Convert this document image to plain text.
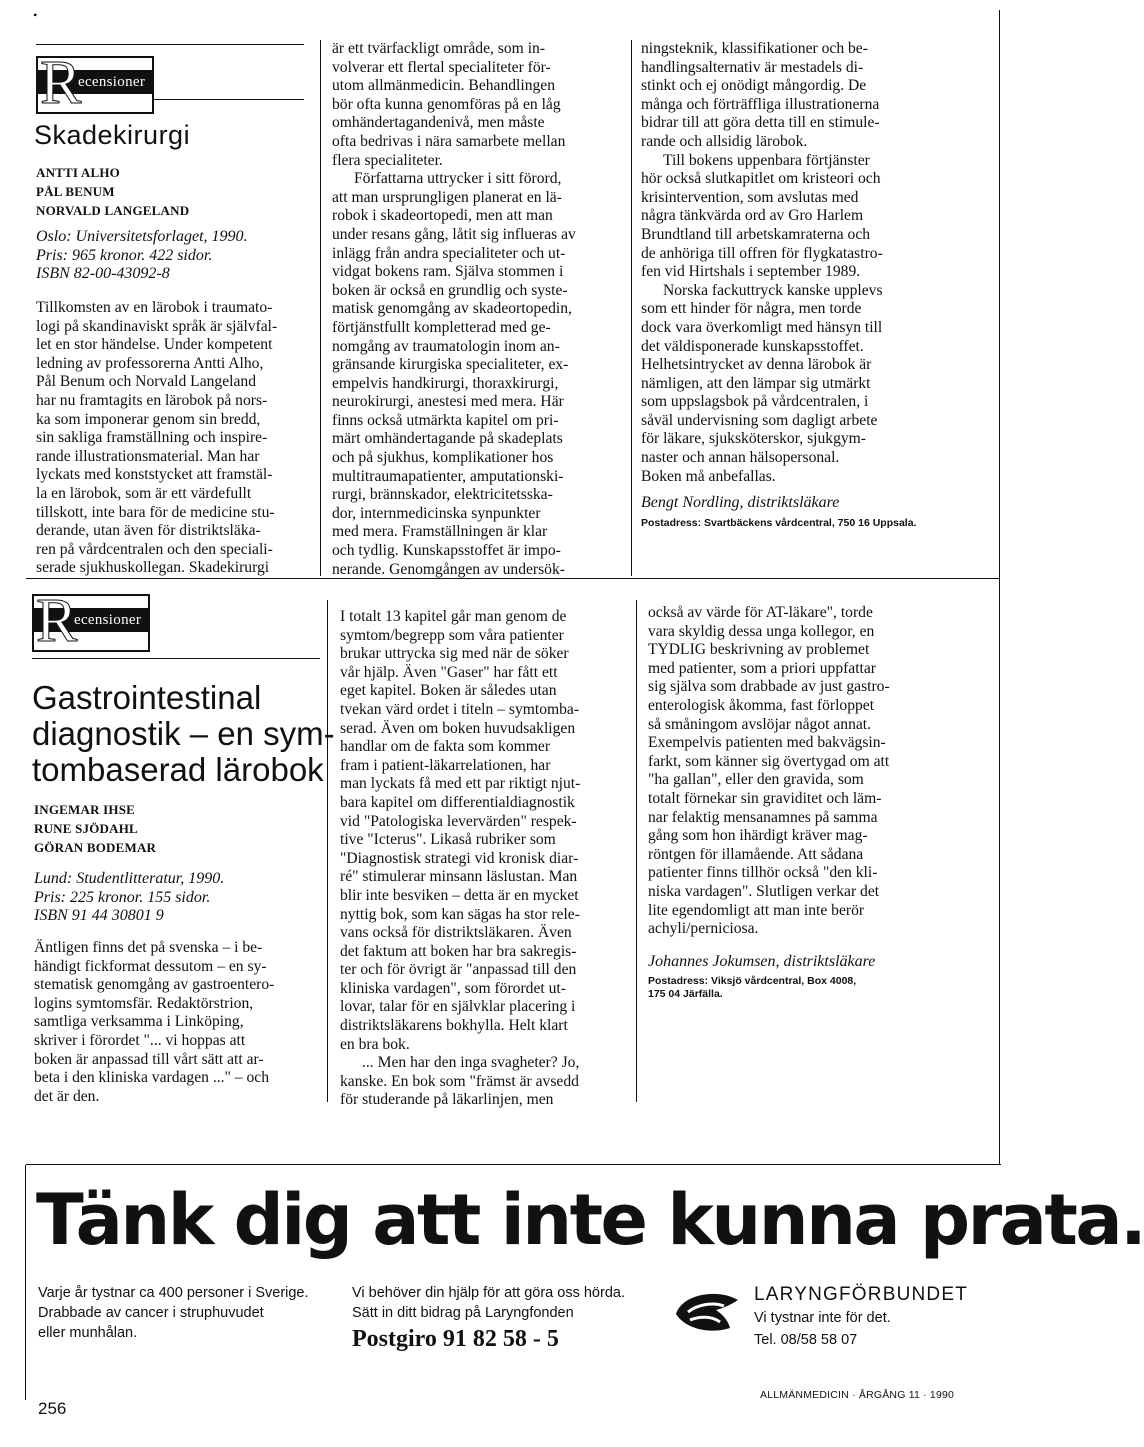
•
R
ecensioner
Skadekirurgi
ANTTI ALHO
PÅL BENUM
NORVALD LANGELAND
Oslo: Universitetsforlaget, 1990.
Pris: 965 kronor. 422 sidor.
ISBN 82-00-43092-8
Tillkomsten av en lärobok i traumato-
logi på skandinaviskt språk är självfal-
let en stor händelse. Under kompetent
ledning av professorerna Antti Alho,
Pål Benum och Norvald Langeland
har nu framtagits en lärobok på nors-
ka som imponerar genom sin bredd,
sin sakliga framställning och inspire-
rande illustrationsmaterial. Man har
lyckats med konststycket att framstäl-
la en lärobok, som är ett värdefullt
tillskott, inte bara för de medicine stu-
derande, utan även för distriktsläka-
ren på vårdcentralen och den speciali-
serade sjukhuskollegan. Skadekirurgi
är ett tvärfackligt område, som in-
volverar ett flertal specialiteter för-
utom allmänmedicin. Behandlingen
bör ofta kunna genomföras på en låg
omhändertagandenivå, men måste
ofta bedrivas i nära samarbete mellan
flera specialiteter.
Författarna uttrycker i sitt förord,
att man ursprungligen planerat en lä-
robok i skadeortopedi, men att man
under resans gång, låtit sig influeras av
inlägg från andra specialiteter och ut-
vidgat bokens ram. Själva stommen i
boken är också en grundlig och syste-
matisk genomgång av skadeortopedin,
förtjänstfullt kompletterad med ge-
nomgång av traumatologin inom an-
gränsande kirurgiska specialiteter, ex-
empelvis handkirurgi, thoraxkirurgi,
neurokirurgi, anestesi med mera. Här
finns också utmärkta kapitel om pri-
märt omhändertagande på skadeplats
och på sjukhus, komplikationer hos
multitraumapatienter, amputationski-
rurgi, brännskador, elektricitetsska-
dor, internmedicinska synpunkter
med mera. Framställningen är klar
och tydlig. Kunskapsstoffet är impo-
nerande. Genomgången av undersök-
ningsteknik, klassifikationer och be-
handlingsalternativ är mestadels di-
stinkt och ej onödigt mångordig. De
många och förträffliga illustrationerna
bidrar till att göra detta till en stimule-
rande och allsidig lärobok.
Till bokens uppenbara förtjänster
hör också slutkapitlet om kristeori och
krisintervention, som avslutas med
några tänkvärda ord av Gro Harlem
Brundtland till arbetskamraterna och
de anhöriga till offren för flygkatastro-
fen vid Hirtshals i september 1989.
Norska fackuttryck kanske upplevs
som ett hinder för några, men torde
dock vara överkomligt med hänsyn till
det väldisponerade kunskapsstoffet.
Helhetsintrycket av denna lärobok är
nämligen, att den lämpar sig utmärkt
som uppslagsbok på vårdcentralen, i
såväl undervisning som dagligt arbete
för läkare, sjuksköterskor, sjukgym-
naster och annan hälsopersonal.
Boken må anbefallas.
Bengt Nordling, distriktsläkare
Postadress: Svartbäckens vårdcentral, 750 16 Uppsala.
R
ecensioner
Gastrointestinal
diagnostik – en sym-
tombaserad lärobok
INGEMAR IHSE
RUNE SJÖDAHL
GÖRAN BODEMAR
Lund: Studentlitteratur, 1990.
Pris: 225 kronor. 155 sidor.
ISBN 91 44 30801 9
Äntligen finns det på svenska – i be-
händigt fickformat dessutom – en sy-
stematisk genomgång av gastroentero-
logins symtomsfär. Redaktörstrion,
samtliga verksamma i Linköping,
skriver i förordet "... vi hoppas att
boken är anpassad till vårt sätt att ar-
beta i den kliniska vardagen ..." – och
det är den.
I totalt 13 kapitel går man genom de
symtom/begrepp som våra patienter
brukar uttrycka sig med när de söker
vår hjälp. Även "Gaser" har fått ett
eget kapitel. Boken är således utan
tvekan värd ordet i titeln – symtomba-
serad. Även om boken huvudsakligen
handlar om de fakta som kommer
fram i patient-läkarrelationen, har
man lyckats få med ett par riktigt njut-
bara kapitel om differentialdiagnostik
vid "Patologiska levervärden" respek-
tive "Icterus". Likaså rubriker som
"Diagnostisk strategi vid kronisk diar-
ré" stimulerar minsann läslustan. Man
blir inte besviken – detta är en mycket
nyttig bok, som kan sägas ha stor rele-
vans också för distriktsläkaren. Även
det faktum att boken har bra sakregis-
ter och för övrigt är "anpassad till den
kliniska vardagen", som förordet ut-
lovar, talar för en självklar placering i
distriktsläkarens bokhylla. Helt klart
en bra bok.
... Men har den inga svagheter? Jo,
kanske. En bok som "främst är avsedd
för studerande på läkarlinjen, men
också av värde för AT-läkare", torde
vara skyldig dessa unga kollegor, en
TYDLIG beskrivning av problemet
med patienter, som a priori uppfattar
sig själva som drabbade av just gastro-
enterologisk åkomma, fast förloppet
så småningom avslöjar något annat.
Exempelvis patienten med bakvägsin-
farkt, som känner sig övertygad om att
"ha gallan", eller den gravida, som
totalt förnekar sin graviditet och läm-
nar felaktig mensanamnes på samma
gång som hon ihärdigt kräver mag-
röntgen för illamående. Att sådana
patienter finns tillhör också "den kli-
niska vardagen". Slutligen verkar det
lite egendomligt att man inte berör
achyli/perniciosa.
Johannes Jokumsen, distriktsläkare
Postadress: Viksjö vårdcentral, Box 4008,
175 04 Järfälla.
Tänk dig att inte kunna prata.
Varje år tystnar ca 400 personer i Sverige.
Drabbade av cancer i struphuvudet
eller munhålan.
Vi behöver din hjälp för att göra oss hörda.
Sätt in ditt bidrag på Laryngfonden
Postgiro 91 82 58 - 5
LARYNGFÖRBUNDET
Vi tystnar inte för det.
Tel. 08/58 58 07
256
ALLMÄNMEDICIN · ÅRGÅNG 11 · 1990
